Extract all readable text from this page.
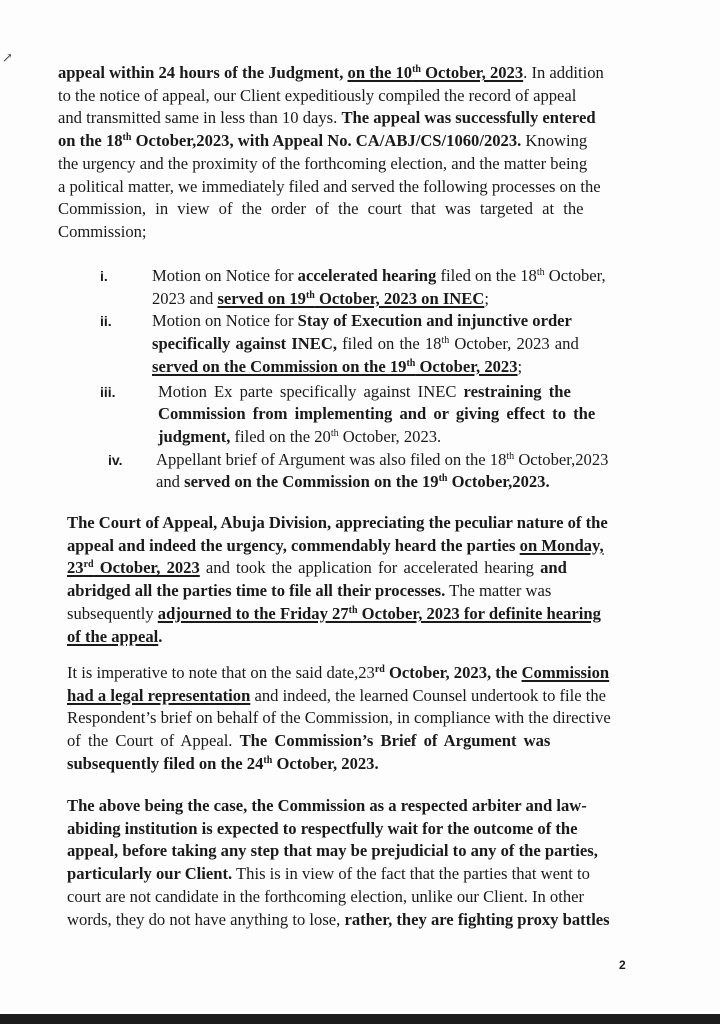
↗

appeal within 24 hours of the Judgment, on the 10th October, 2023. In addition
to the notice of appeal, our Client expeditiously compiled the record of appeal
and transmitted same in less than 10 days. The appeal was successfully entered
on the 18th October,2023, with Appeal No. CA/ABJ/CS/1060/2023. Knowing
the urgency and the proximity of the forthcoming election, and the matter being
a political matter, we immediately filed and served the following processes on the
Commission, in view of the order of the court that was targeted at the
Commission;

i.	Motion on Notice for accelerated hearing filed on the 18th October,
2023 and served on 19th October, 2023 on INEC;
ii. Motion on Notice for Stay of Execution and injunctive order
specifically against INEC, filed on the 18th October, 2023 and
served on the Commission on the 19th October, 2023;
iii.	Motion Ex parte specifically against INEC restraining the
Commission from implementing and or giving effect to the
judgment, filed on the 20th October, 2023.
iv. Appellant brief of Argument was also filed on the 18th October,2023
and served on the Commission on the 19th October,2023.

The Court of Appeal, Abuja Division, appreciating the peculiar nature of the
appeal and indeed the urgency, commendably heard the parties on Monday,
23rd October, 2023 and took the application for accelerated hearing and
abridged all the parties time to file all their processes. The matter was
subsequently adjourned to the Friday 27th October, 2023 for definite hearing
of the appeal.

It is imperative to note that on the said date,23rd October, 2023, the Commission
had a legal representation and indeed, the learned Counsel undertook to file the
Respondent’s brief on behalf of the Commission, in compliance with the directive
of the Court of Appeal. The Commission’s Brief of Argument was
subsequently filed on the 24th October, 2023.

The above being the case, the Commission as a respected arbiter and law-
abiding institution is expected to respectfully wait for the outcome of the
appeal, before taking any step that may be prejudicial to any of the parties,
particularly our Client. This is in view of the fact that the parties that went to
court are not candidate in the forthcoming election, unlike our Client. In other
words, they do not have anything to lose, rather, they are fighting proxy battles

2
